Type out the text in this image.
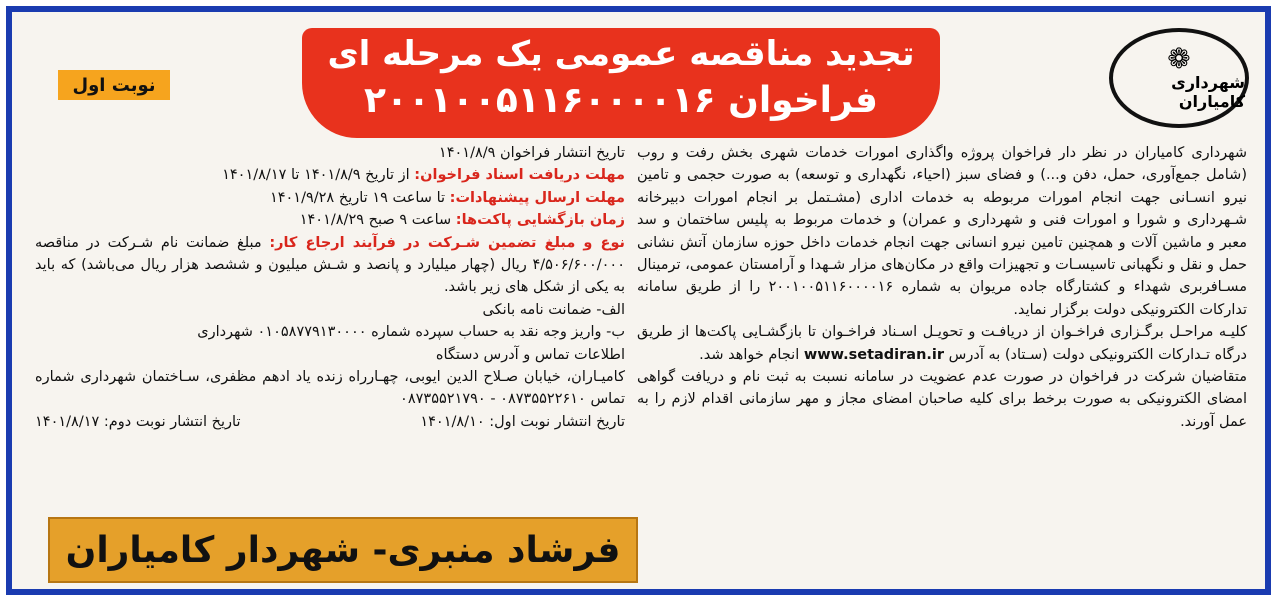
تجدید مناقصه عمومی یک مرحله ای
فراخوان ۲۰۰۱۰۰۵۱۱۶۰۰۰۰۱۶
❁
شهرداری کامیاران
نوبت اول

شهرداری کامیاران در نظر دار فراخوان پروژه واگذاری امورات خدمات شهری بخش رفت و روب (شامل جمع‌آوری، حمل، دفن و...) و فضای سبز (احیاء، نگهداری و توسعه) به صورت حجمی و تامین نیرو انسـانی جهت انجام امورات مربوطه به خدمات اداری (مشـتمل بر انجام امورات دبیرخانه شـهرداری و شورا و امورات فنی و شهرداری و عمران) و خدمات مربوط به پلیس ساختمان و سد معبر و ماشین آلات و همچنین تامین نیرو انسانی جهت انجام خدمات داخل حوزه سازمان آتش نشانی حمل و نقل و نگهبانی تاسیسـات و تجهیزات واقع در مکان‌های مزار شـهدا و آرامستان عمومی، ترمینال مسـافربری شهداء و کشتارگاه جاده مریوان به شماره ۲۰۰۱۰۰۵۱۱۶۰۰۰۰۱۶ را از طریق سامانه تدارکات الکترونیکی دولت برگزار نماید.

کلیـه مراحـل برگـزاری فراخـوان از دریافـت و تحویـل اسـناد فراخـوان تا بازگشـایی پاکت‌ها از طریق درگاه تـدارکات الکترونیکی دولت (سـتاد) به آدرس www.setadiran.ir انجام خواهد شد.

متقاضیان شرکت در فراخوان در صورت عدم عضویت در سامانه نسبت به ثبت نام و دریافت گواهی امضای الکترونیکی به صورت برخط برای کلیه صاحبان امضای مجاز و مهر سازمانی اقدام لازم را به عمل آورند.

تاریخ انتشار فراخوان ۱۴۰۱/۸/۹

مهلت دریافت اسناد فراخوان: از تاریخ ۱۴۰۱/۸/۹ تا ۱۴۰۱/۸/۱۷

مهلت ارسال پیشنهادات: تا ساعت ۱۹ تاریخ ۱۴۰۱/۹/۲۸

زمان بازگشایی پاکت‌ها: ساعت ۹ صبح ۱۴۰۱/۸/۲۹

نوع و مبلغ تضمین شـرکت در فرآیند ارجاع کار: مبلغ ضمانت نام شـرکت در مناقصه ۴/۵۰۶/۶۰۰/۰۰۰ ریال (چهار میلیارد و پانصد و شـش میلیون و ششصد هزار ریال می‌باشد) که باید به یکی از شکل های زیر باشد.

الف- ضمانت نامه بانکی

ب- واریز وجه نقد به حساب سپرده شماره ۰۱۰۵۸۷۷۹۱۳۰۰۰۰ شهرداری

اطلاعات تماس و آدرس دستگاه

کامیـاران، خیابان صـلاح الدین ایوبی، چهـارراه زنده یاد ادهم مظفری، سـاختمان شهرداری شماره تماس ۰۸۷۳۵۵۲۲۶۱۰ - ۰۸۷۳۵۵۲۱۷۹۰

تاریخ انتشار نوبت اول: ۱۴۰۱/۸/۱۰
تاریخ انتشار نوبت دوم: ۱۴۰۱/۸/۱۷
فرشاد منبری- شهردار کامیاران
